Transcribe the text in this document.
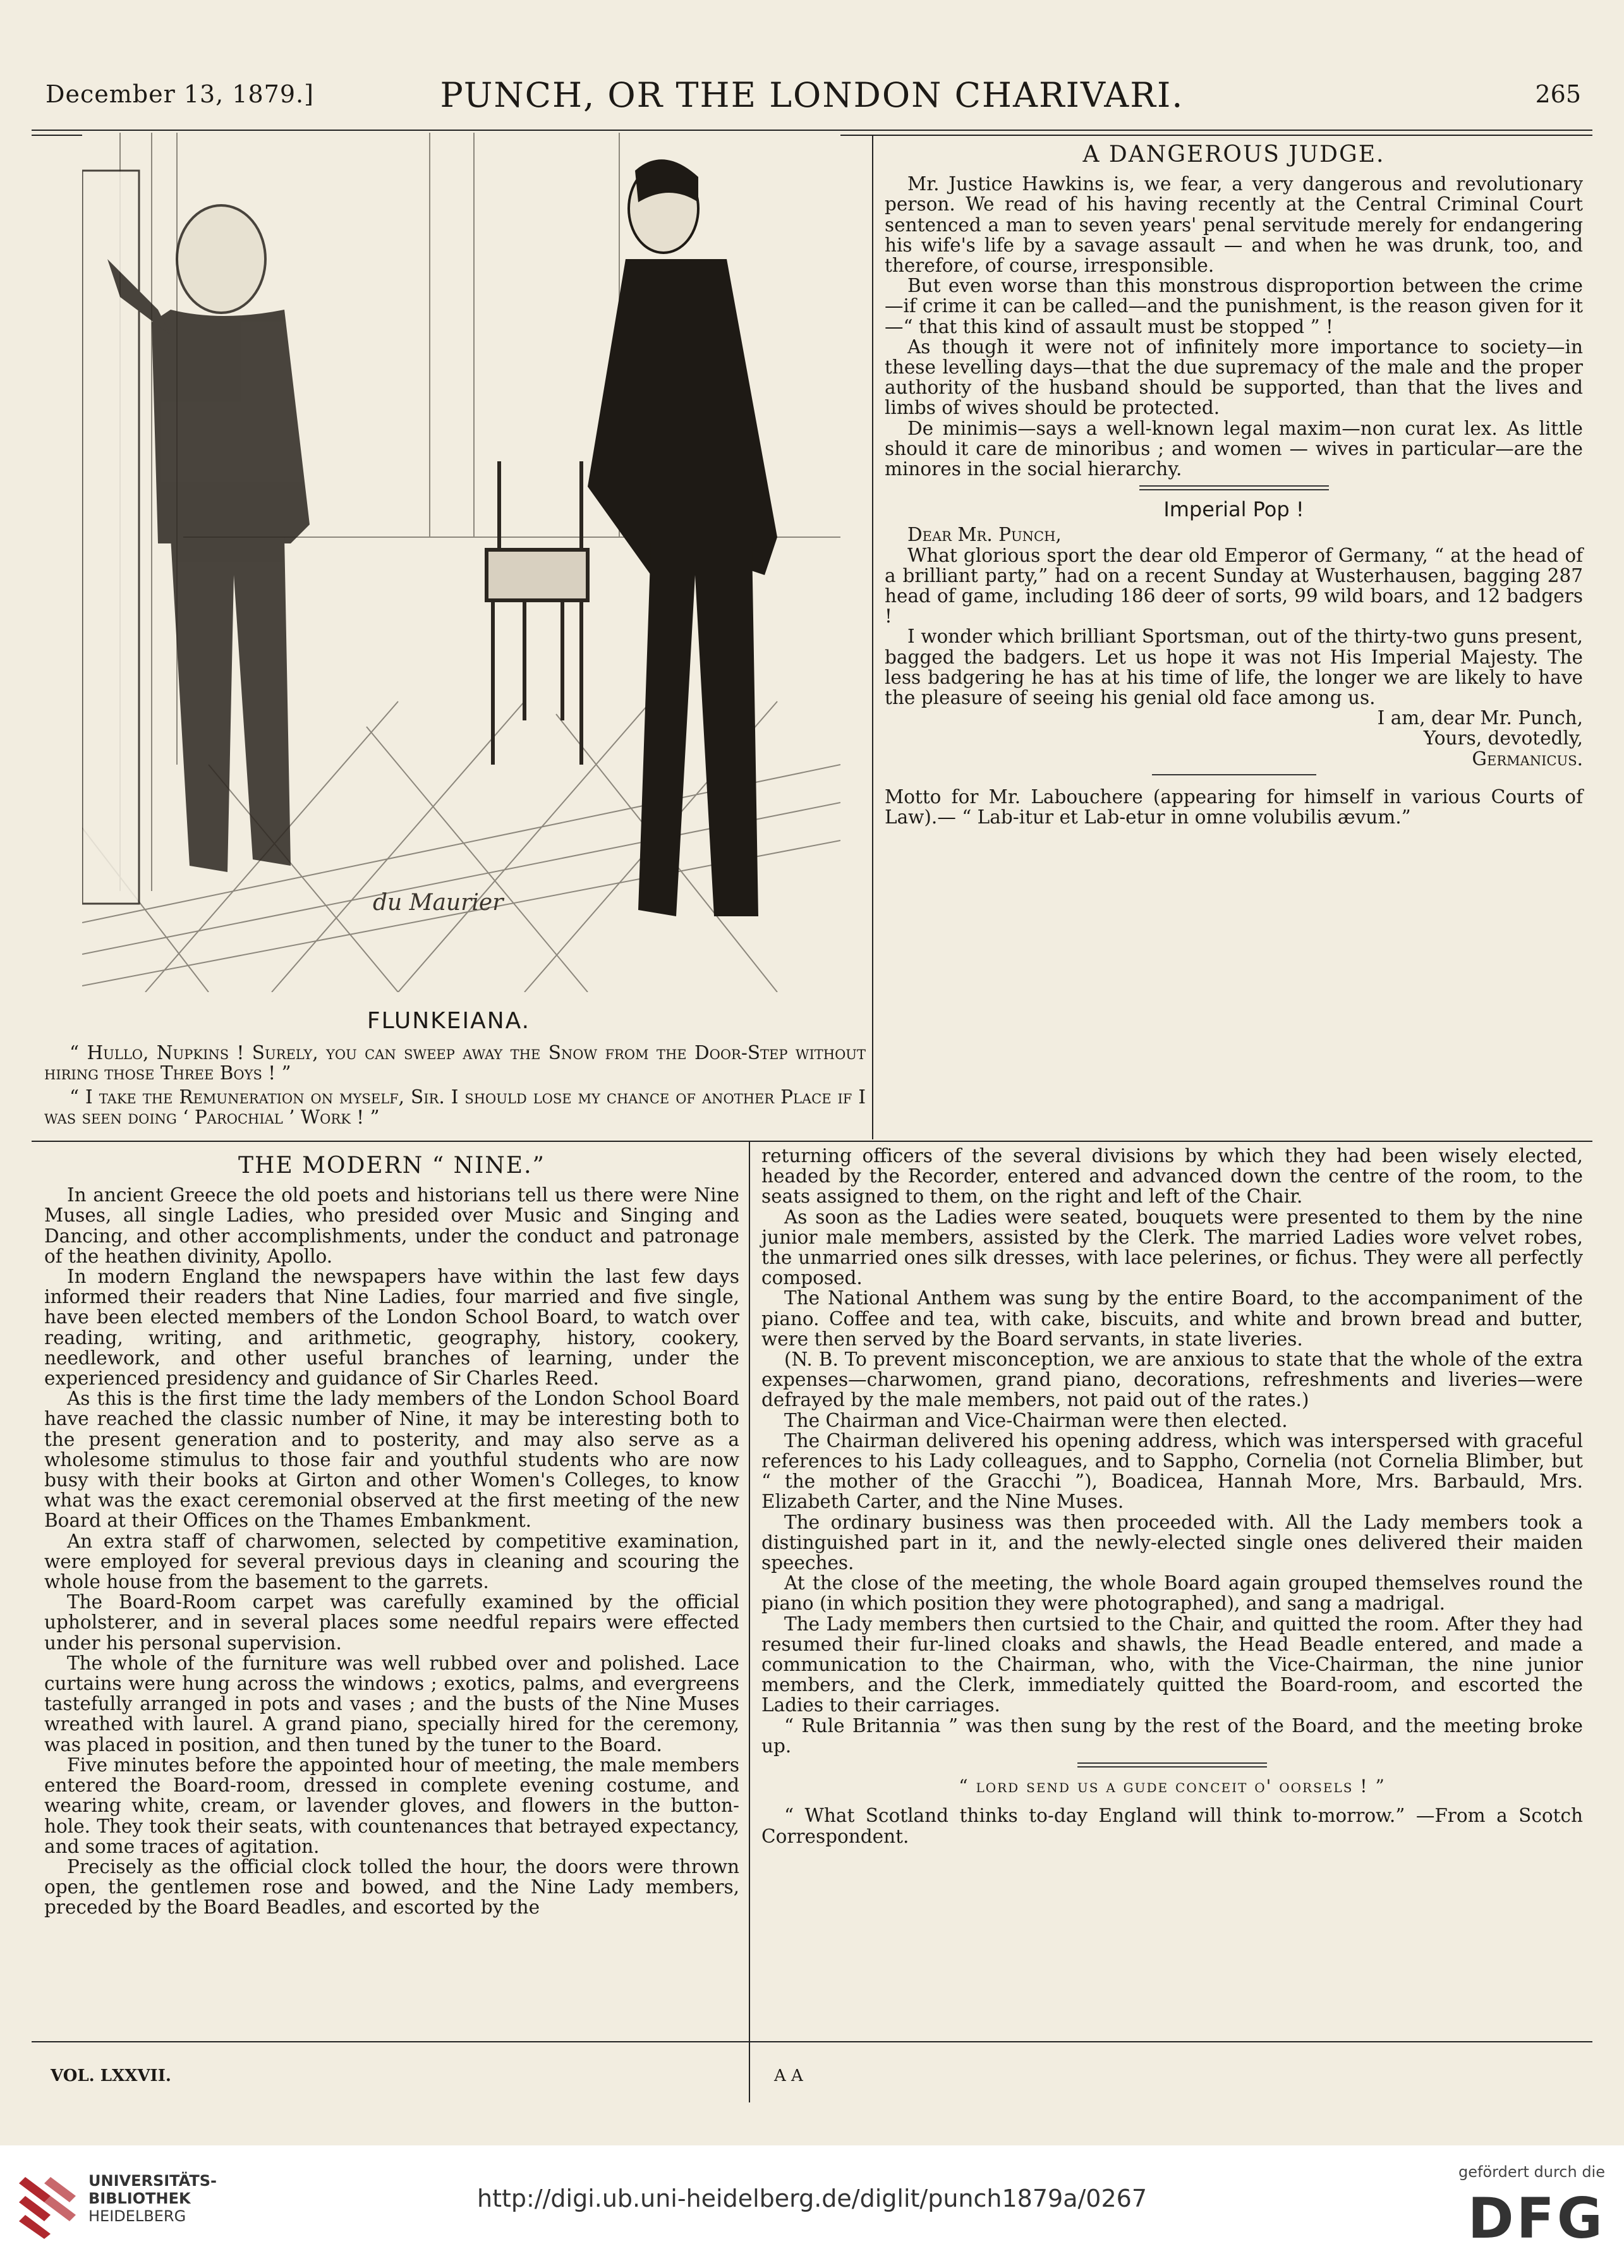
December 13, 1879.]	PUNCH, OR THE LONDON CHARIVARI.	265
du Maurier
FLUNKEIANA.

“ Hullo, Nupkins ! Surely, you can sweep away the Snow from the Door-Step without hiring those Three Boys ! ”

“ I take the Remuneration on myself, Sir. I should lose my chance of another Place if I was seen doing ‘ Parochial ’ Work ! ”

A DANGEROUS JUDGE.

Mr. Justice Hawkins is, we fear, a very dangerous and revolutionary person. We read of his having recently at the Central Criminal Court sentenced a man to seven years' penal servitude merely for endangering his wife's life by a savage assault — and when he was drunk, too, and therefore, of course, irresponsible.

But even worse than this monstrous disproportion between the crime—if crime it can be called—and the punishment, is the reason given for it—“ that this kind of assault must be stopped ” !

As though it were not of infinitely more importance to society—in these levelling days—that the due supremacy of the male and the proper authority of the husband should be supported, than that the lives and limbs of wives should be protected.

De minimis—says a well-known legal maxim—non curat lex. As little should it care de minoribus ; and women — wives in particular—are the minores in the social hierarchy.

Imperial Pop !

Dear Mr. Punch,

What glorious sport the dear old Emperor of Germany, “ at the head of a brilliant party,” had on a recent Sunday at Wusterhausen, bagging 287 head of game, including 186 deer of sorts, 99 wild boars, and 12 badgers !

I wonder which brilliant Sportsman, out of the thirty-two guns present, bagged the badgers. Let us hope it was not His Imperial Majesty. The less badgering he has at his time of life, the longer we are likely to have the pleasure of seeing his genial old face among us.

I am, dear Mr. Punch,

Yours, devotedly,

Germanicus.

Motto for Mr. Labouchere (appearing for himself in various Courts of Law).— “ Lab-itur et Lab-etur in omne volubilis ævum.”

THE MODERN “ NINE.”

In ancient Greece the old poets and historians tell us there were Nine Muses, all single Ladies, who presided over Music and Singing and Dancing, and other accomplishments, under the conduct and patronage of the heathen divinity, Apollo.

In modern England the newspapers have within the last few days informed their readers that Nine Ladies, four married and five single, have been elected members of the London School Board, to watch over reading, writing, and arithmetic, geography, history, cookery, needlework, and other useful branches of learning, under the experienced presidency and guidance of Sir Charles Reed.

As this is the first time the lady members of the London School Board have reached the classic number of Nine, it may be interesting both to the present generation and to posterity, and may also serve as a wholesome stimulus to those fair and youthful students who are now busy with their books at Girton and other Women's Colleges, to know what was the exact ceremonial observed at the first meeting of the new Board at their Offices on the Thames Embankment.

An extra staff of charwomen, selected by competitive examination, were employed for several previous days in cleaning and scouring the whole house from the basement to the garrets.

The Board-Room carpet was carefully examined by the official upholsterer, and in several places some needful repairs were effected under his personal supervision.

The whole of the furniture was well rubbed over and polished. Lace curtains were hung across the windows ; exotics, palms, and evergreens tastefully arranged in pots and vases ; and the busts of the Nine Muses wreathed with laurel. A grand piano, specially hired for the ceremony, was placed in position, and then tuned by the tuner to the Board.

Five minutes before the appointed hour of meeting, the male members entered the Board-room, dressed in complete evening costume, and wearing white, cream, or lavender gloves, and flowers in the button-hole. They took their seats, with countenances that betrayed expectancy, and some traces of agitation.

Precisely as the official clock tolled the hour, the doors were thrown open, the gentlemen rose and bowed, and the Nine Lady members, preceded by the Board Beadles, and escorted by the

returning officers of the several divisions by which they had been wisely elected, headed by the Recorder, entered and advanced down the centre of the room, to the seats assigned to them, on the right and left of the Chair.

As soon as the Ladies were seated, bouquets were presented to them by the nine junior male members, assisted by the Clerk. The married Ladies wore velvet robes, the unmarried ones silk dresses, with lace pelerines, or fichus. They were all perfectly composed.

The National Anthem was sung by the entire Board, to the accompaniment of the piano. Coffee and tea, with cake, biscuits, and white and brown bread and butter, were then served by the Board servants, in state liveries.

(N. B. To prevent misconception, we are anxious to state that the whole of the extra expenses—charwomen, grand piano, decorations, refreshments and liveries—were defrayed by the male members, not paid out of the rates.)

The Chairman and Vice-Chairman were then elected.

The Chairman delivered his opening address, which was interspersed with graceful references to his Lady colleagues, and to Sappho, Cornelia (not Cornelia Blimber, but “ the mother of the Gracchi ”), Boadicea, Hannah More, Mrs. Barbauld, Mrs. Elizabeth Carter, and the Nine Muses.

The ordinary business was then proceeded with. All the Lady members took a distinguished part in it, and the newly-elected single ones delivered their maiden speeches.

At the close of the meeting, the whole Board again grouped themselves round the piano (in which position they were photographed), and sang a madrigal.

The Lady members then curtsied to the Chair, and quitted the room. After they had resumed their fur-lined cloaks and shawls, the Head Beadle entered, and made a communication to the Chairman, who, with the Vice-Chairman, the nine junior members, and the Clerk, immediately quitted the Board-room, and escorted the Ladies to their carriages.

“ Rule Britannia ” was then sung by the rest of the Board, and the meeting broke up.

“ lord send us a gude conceit o' oorsels ! ”

“ What Scotland thinks to-day England will think to-morrow.” —From a Scotch Correspondent.

VOL. LXXVII.	A A
UNIVERSITÄTS-
BIBLIOTHEK
HEIDELBERG
http://digi.ub.uni-heidelberg.de/diglit/punch1879a/0267
gefördert durch die
DFG
